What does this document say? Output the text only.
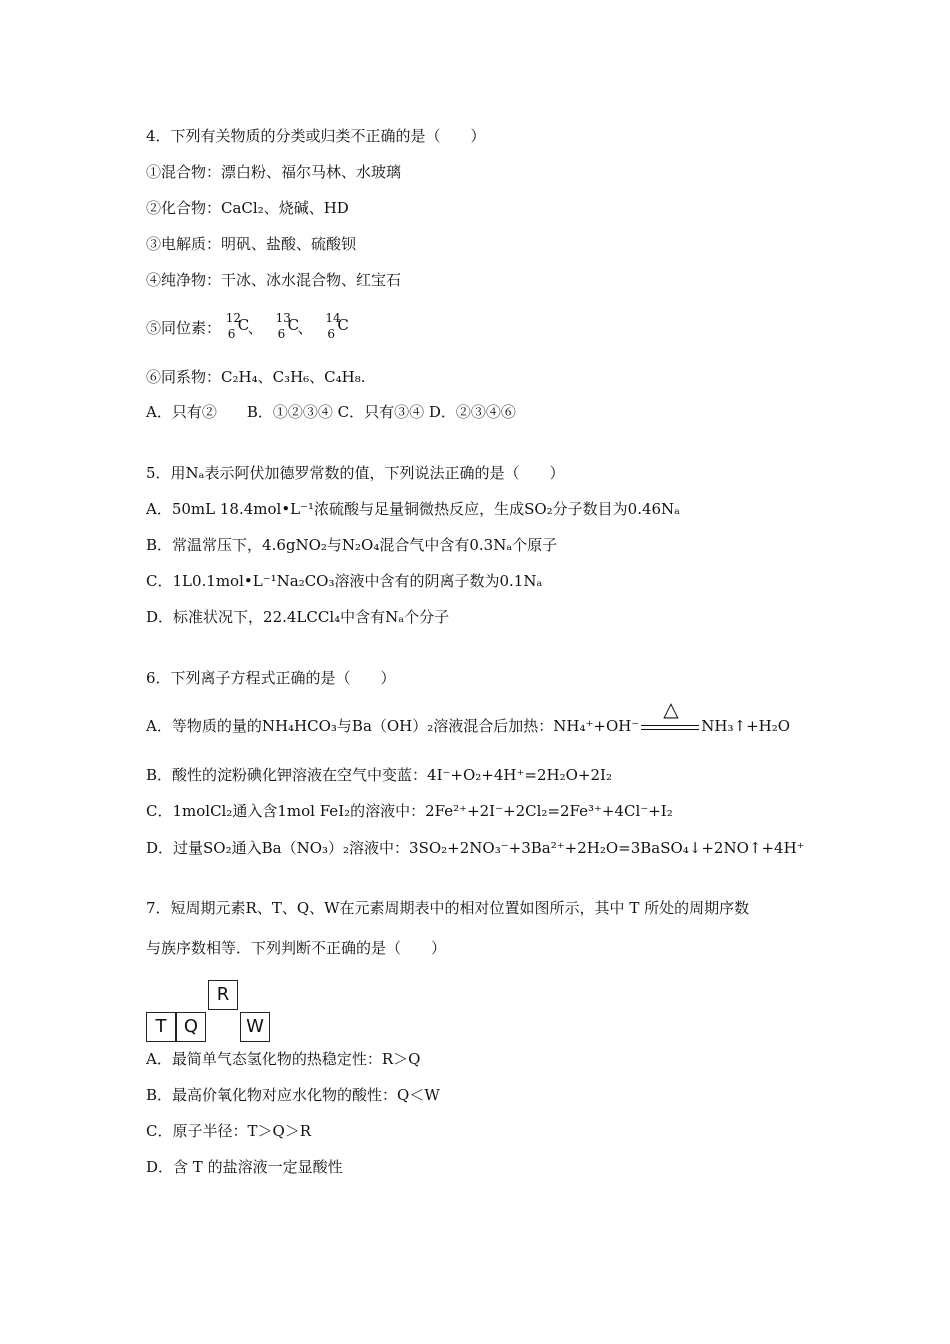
4．下列有关物质的分类或归类不正确的是（　　）
①混合物：漂白粉、福尔马林、水玻璃
②化合物：CaCl₂、烧碱、HD
③电解质：明矾、盐酸、硫酸钡
④纯净物：干冰、冰水混合物、红宝石
⑤同位素：
12
6 C
、
13
6 C
、
14
6 C
⑥同系物：C₂H₄、C₃H₆、C₄H₈.
A．只有②　　B．①②③④ C．只有③④ D．②③④⑥
5．用Nₐ表示阿伏加德罗常数的值，下列说法正确的是（　　）
A．50mL 18.4mol•L⁻¹浓硫酸与足量铜微热反应，生成SO₂分子数目为0.46Nₐ
B．常温常压下，4.6gNO₂与N₂O₄混合气中含有0.3Nₐ个原子
C．1L0.1mol•L⁻¹Na₂CO₃溶液中含有的阴离子数为0.1Nₐ
D．标准状况下，22.4LCCl₄中含有Nₐ个分子
6．下列离子方程式正确的是（　　）
A．等物质的量的NH₄HCO₃与Ba（OH）₂溶液混合后加热：NH₄⁺+OH⁻
△
NH₃↑+H₂O
B．酸性的淀粉碘化钾溶液在空气中变蓝：4I⁻+O₂+4H⁺=2H₂O+2I₂
C．1molCl₂通入含1mol FeI₂的溶液中：2Fe²⁺+2I⁻+2Cl₂=2Fe³⁺+4Cl⁻+I₂
D．过量SO₂通入Ba（NO₃）₂溶液中：3SO₂+2NO₃⁻+3Ba²⁺+2H₂O=3BaSO₄↓+2NO↑+4H⁺
7．短周期元素R、T、Q、W在元素周期表中的相对位置如图所示，其中 T 所处的周期序数
与族序数相等．下列判断不正确的是（　　）
R
T Q	W
A．最简单气态氢化物的热稳定性：R＞Q
B．最高价氧化物对应水化物的酸性：Q＜W
C．原子半径：T＞Q＞R
D．含 T 的盐溶液一定显酸性
